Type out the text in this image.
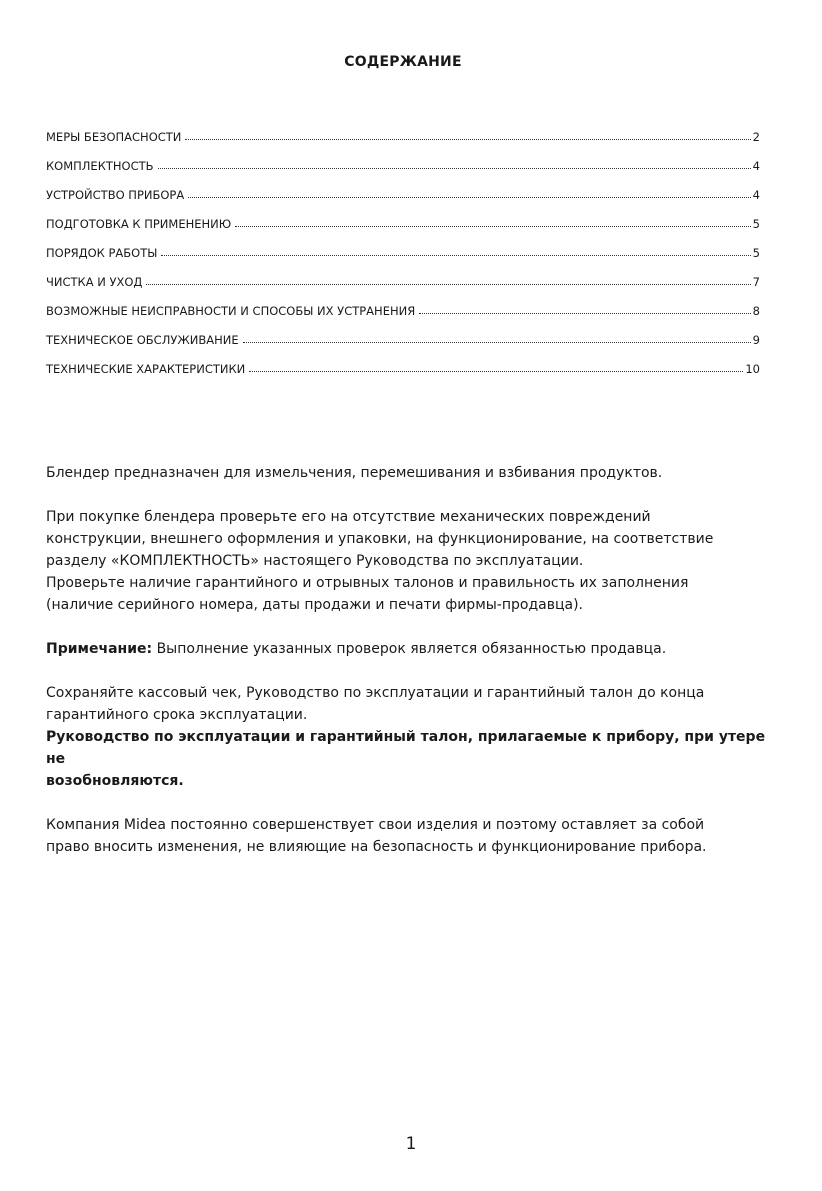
СОДЕРЖАНИЕ
МЕРЫ БЕЗОПАСНОСТИ	2
КОМПЛЕКТНОСТЬ	4
УСТРОЙСТВО ПРИБОРА	4
ПОДГОТОВКА К ПРИМЕНЕНИЮ	5
ПОРЯДОК РАБОТЫ	5
ЧИСТКА И УХОД	7
ВОЗМОЖНЫЕ НЕИСПРАВНОСТИ И СПОСОБЫ ИХ УСТРАНЕНИЯ	8
ТЕХНИЧЕСКОЕ ОБСЛУЖИВАНИЕ	9
ТЕХНИЧЕСКИЕ ХАРАКТЕРИСТИКИ	10

Блендер предназначен для измельчения, перемешивания и взбивания продуктов.

При покупке блендера проверьте его на отсутствие механических повреждений
конструкции, внешнего оформления и упаковки, на функционирование, на соответствие
разделу «КОМПЛЕКТНОСТЬ» настоящего Руководства по эксплуатации.
Проверьте наличие гарантийного и отрывных талонов и правильность их заполнения
(наличие серийного номера, даты продажи и печати фирмы-продавца).

Примечание: Выполнение указанных проверок является обязанностью продавца.

Сохраняйте кассовый чек, Руководство по эксплуатации и гарантийный талон до конца
гарантийного срока эксплуатации.
Руководство по эксплуатации и гарантийный талон, прилагаемые к прибору, при утере не
возобновляются.

Компания Midea постоянно совершенствует свои изделия и поэтому оставляет за собой
право вносить изменения, не влияющие на безопасность и функционирование прибора.

1
